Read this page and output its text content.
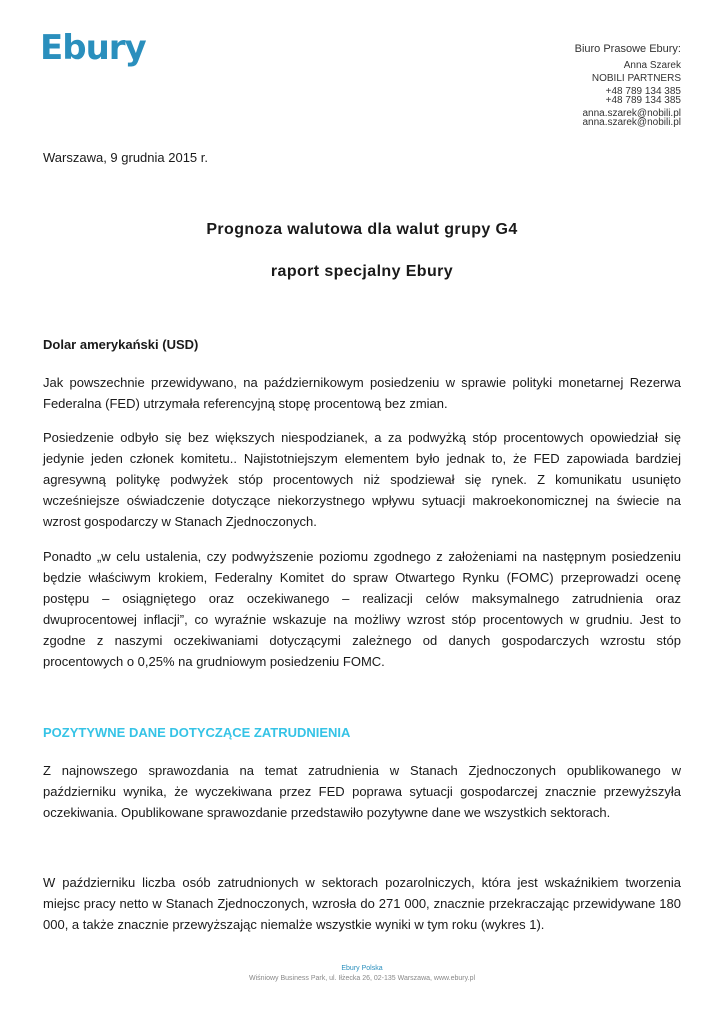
Ebury	Biuro Prasowe Ebury:
Anna Szarek
NOBILI PARTNERS
+48 789 134 385
+48 789 134 385
anna.szarek@nobili.pl
anna.szarek@nobili.pl

Warszawa, 9 grudnia 2015 r.

Prognoza walutowa dla walut grupy G4
raport specjalny Ebury
Dolar amerykański (USD)

Jak powszechnie przewidywano, na październikowym posiedzeniu w sprawie polityki monetarnej Rezerwa Federalna (FED) utrzymała referencyjną stopę procentową bez zmian.

Posiedzenie odbyło się bez większych niespodzianek, a za podwyżką stóp procentowych opowiedział się jedynie jeden członek komitetu.. Najistotniejszym elementem było jednak to, że FED zapowiada bardziej agresywną politykę podwyżek stóp procentowych niż spodziewał się rynek. Z komunikatu usunięto wcześniejsze oświadczenie dotyczące niekorzystnego wpływu sytuacji makroekonomicznej na świecie na wzrost gospodarczy w Stanach Zjednoczonych.

Ponadto „w celu ustalenia, czy podwyższenie poziomu zgodnego z założeniami na następnym posiedzeniu będzie właściwym krokiem, Federalny Komitet do spraw Otwartego Rynku (FOMC) przeprowadzi ocenę postępu – osiągniętego oraz oczekiwanego – realizacji celów maksymalnego zatrudnienia oraz dwuprocentowej inflacji”, co wyraźnie wskazuje na możliwy wzrost stóp procentowych w grudniu. Jest to zgodne z naszymi oczekiwaniami dotyczącymi zależnego od danych gospodarczych wzrostu stóp procentowych o 0,25% na grudniowym posiedzeniu FOMC.

POZYTYWNE DANE DOTYCZĄCE ZATRUDNIENIA

Z najnowszego sprawozdania na temat zatrudnienia w Stanach Zjednoczonych opublikowanego w październiku wynika, że wyczekiwana przez FED poprawa sytuacji gospodarczej znacznie przewyższyła oczekiwania. Opublikowane sprawozdanie przedstawiło pozytywne dane we wszystkich sektorach.

W październiku liczba osób zatrudnionych w sektorach pozarolniczych, która jest wskaźnikiem tworzenia miejsc pracy netto w Stanach Zjednoczonych, wzrosła do 271 000, znacznie przekraczając przewidywane 180 000, a także znacznie przewyższając niemalże wszystkie wyniki w tym roku (wykres 1).

Ebury Polska
Wiśniowy Business Park, ul. Iłżecka 26, 02-135 Warszawa, www.ebury.pl
